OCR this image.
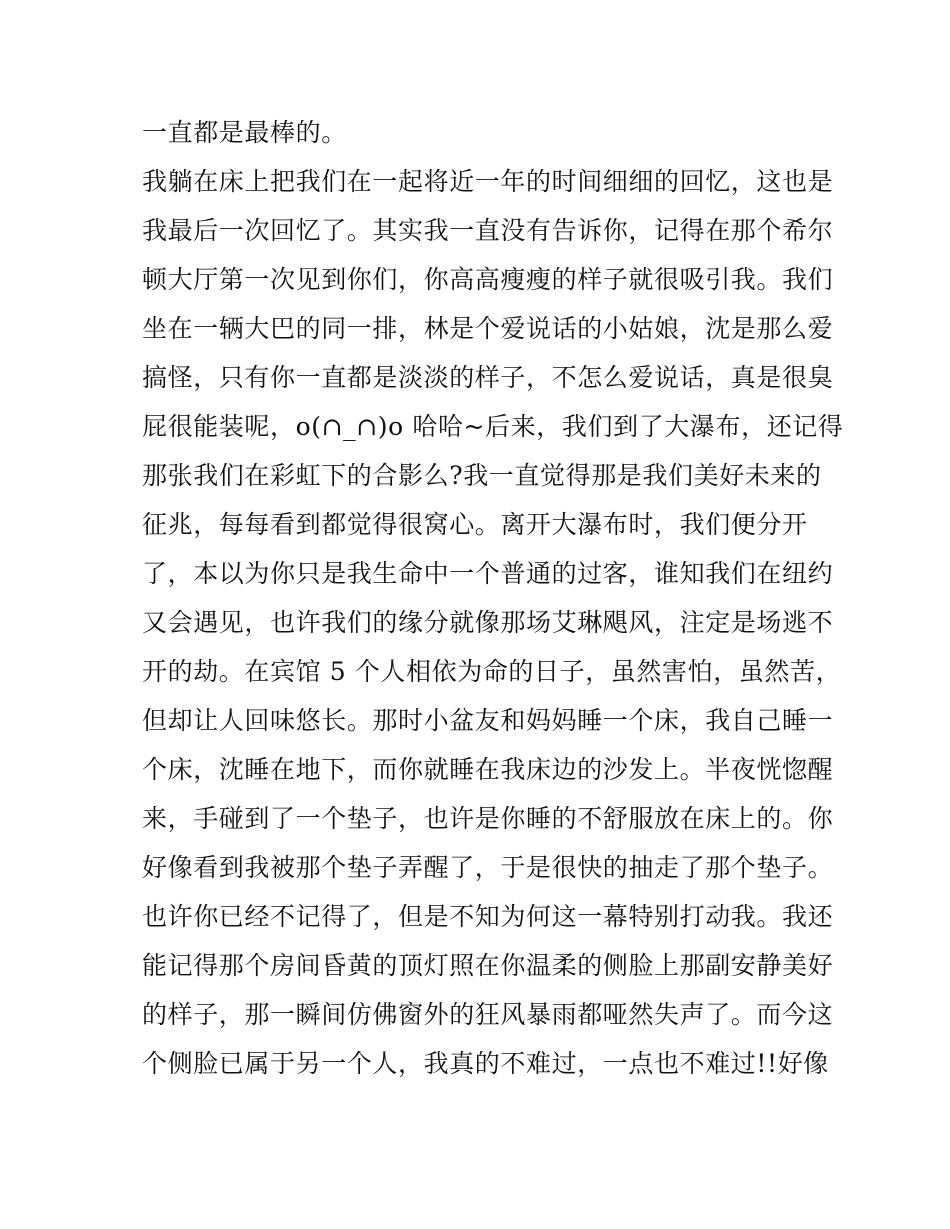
一直都是最棒的。
我躺在床上把我们在一起将近一年的时间细细的回忆，这也是
我最后一次回忆了。其实我一直没有告诉你，记得在那个希尔
顿大厅第一次见到你们，你高高瘦瘦的样子就很吸引我。我们
坐在一辆大巴的同一排，林是个爱说话的小姑娘，沈是那么爱
搞怪，只有你一直都是淡淡的样子，不怎么爱说话，真是很臭
屁很能装呢，o(∩_∩)o 哈哈~后来，我们到了大瀑布，还记得
那张我们在彩虹下的合影么?我一直觉得那是我们美好未来的
征兆，每每看到都觉得很窝心。离开大瀑布时，我们便分开
了，本以为你只是我生命中一个普通的过客，谁知我们在纽约
又会遇见，也许我们的缘分就像那场艾琳飓风，注定是场逃不
开的劫。在宾馆 5 个人相依为命的日子，虽然害怕，虽然苦，
但却让人回味悠长。那时小盆友和妈妈睡一个床，我自己睡一
个床，沈睡在地下，而你就睡在我床边的沙发上。半夜恍惚醒
来，手碰到了一个垫子，也许是你睡的不舒服放在床上的。你
好像看到我被那个垫子弄醒了，于是很快的抽走了那个垫子。
也许你已经不记得了，但是不知为何这一幕特别打动我。我还
能记得那个房间昏黄的顶灯照在你温柔的侧脸上那副安静美好
的样子，那一瞬间仿佛窗外的狂风暴雨都哑然失声了。而今这
个侧脸已属于另一个人，我真的不难过，一点也不难过!!好像
